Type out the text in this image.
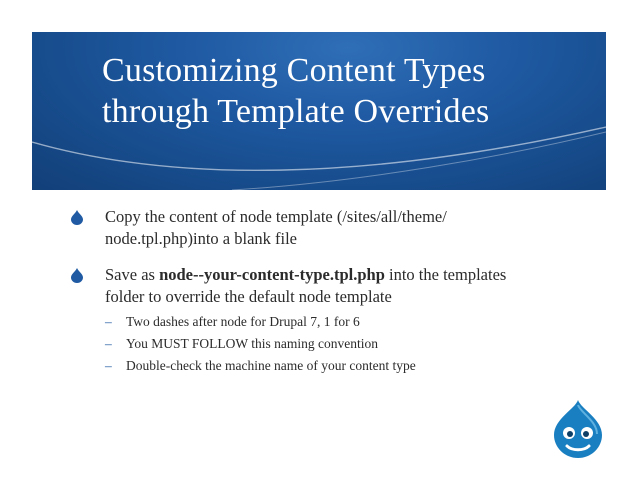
Customizing Content Types
through Template Overrides
Copy the content of node template (/sites/all/theme/
node.tpl.php)into a blank file
Save as node--your-content-type.tpl.php into the templates
folder to override the default node template
– Two dashes after node for Drupal 7, 1 for 6
– You MUST FOLLOW this naming convention
– Double-check the machine name of your content type
